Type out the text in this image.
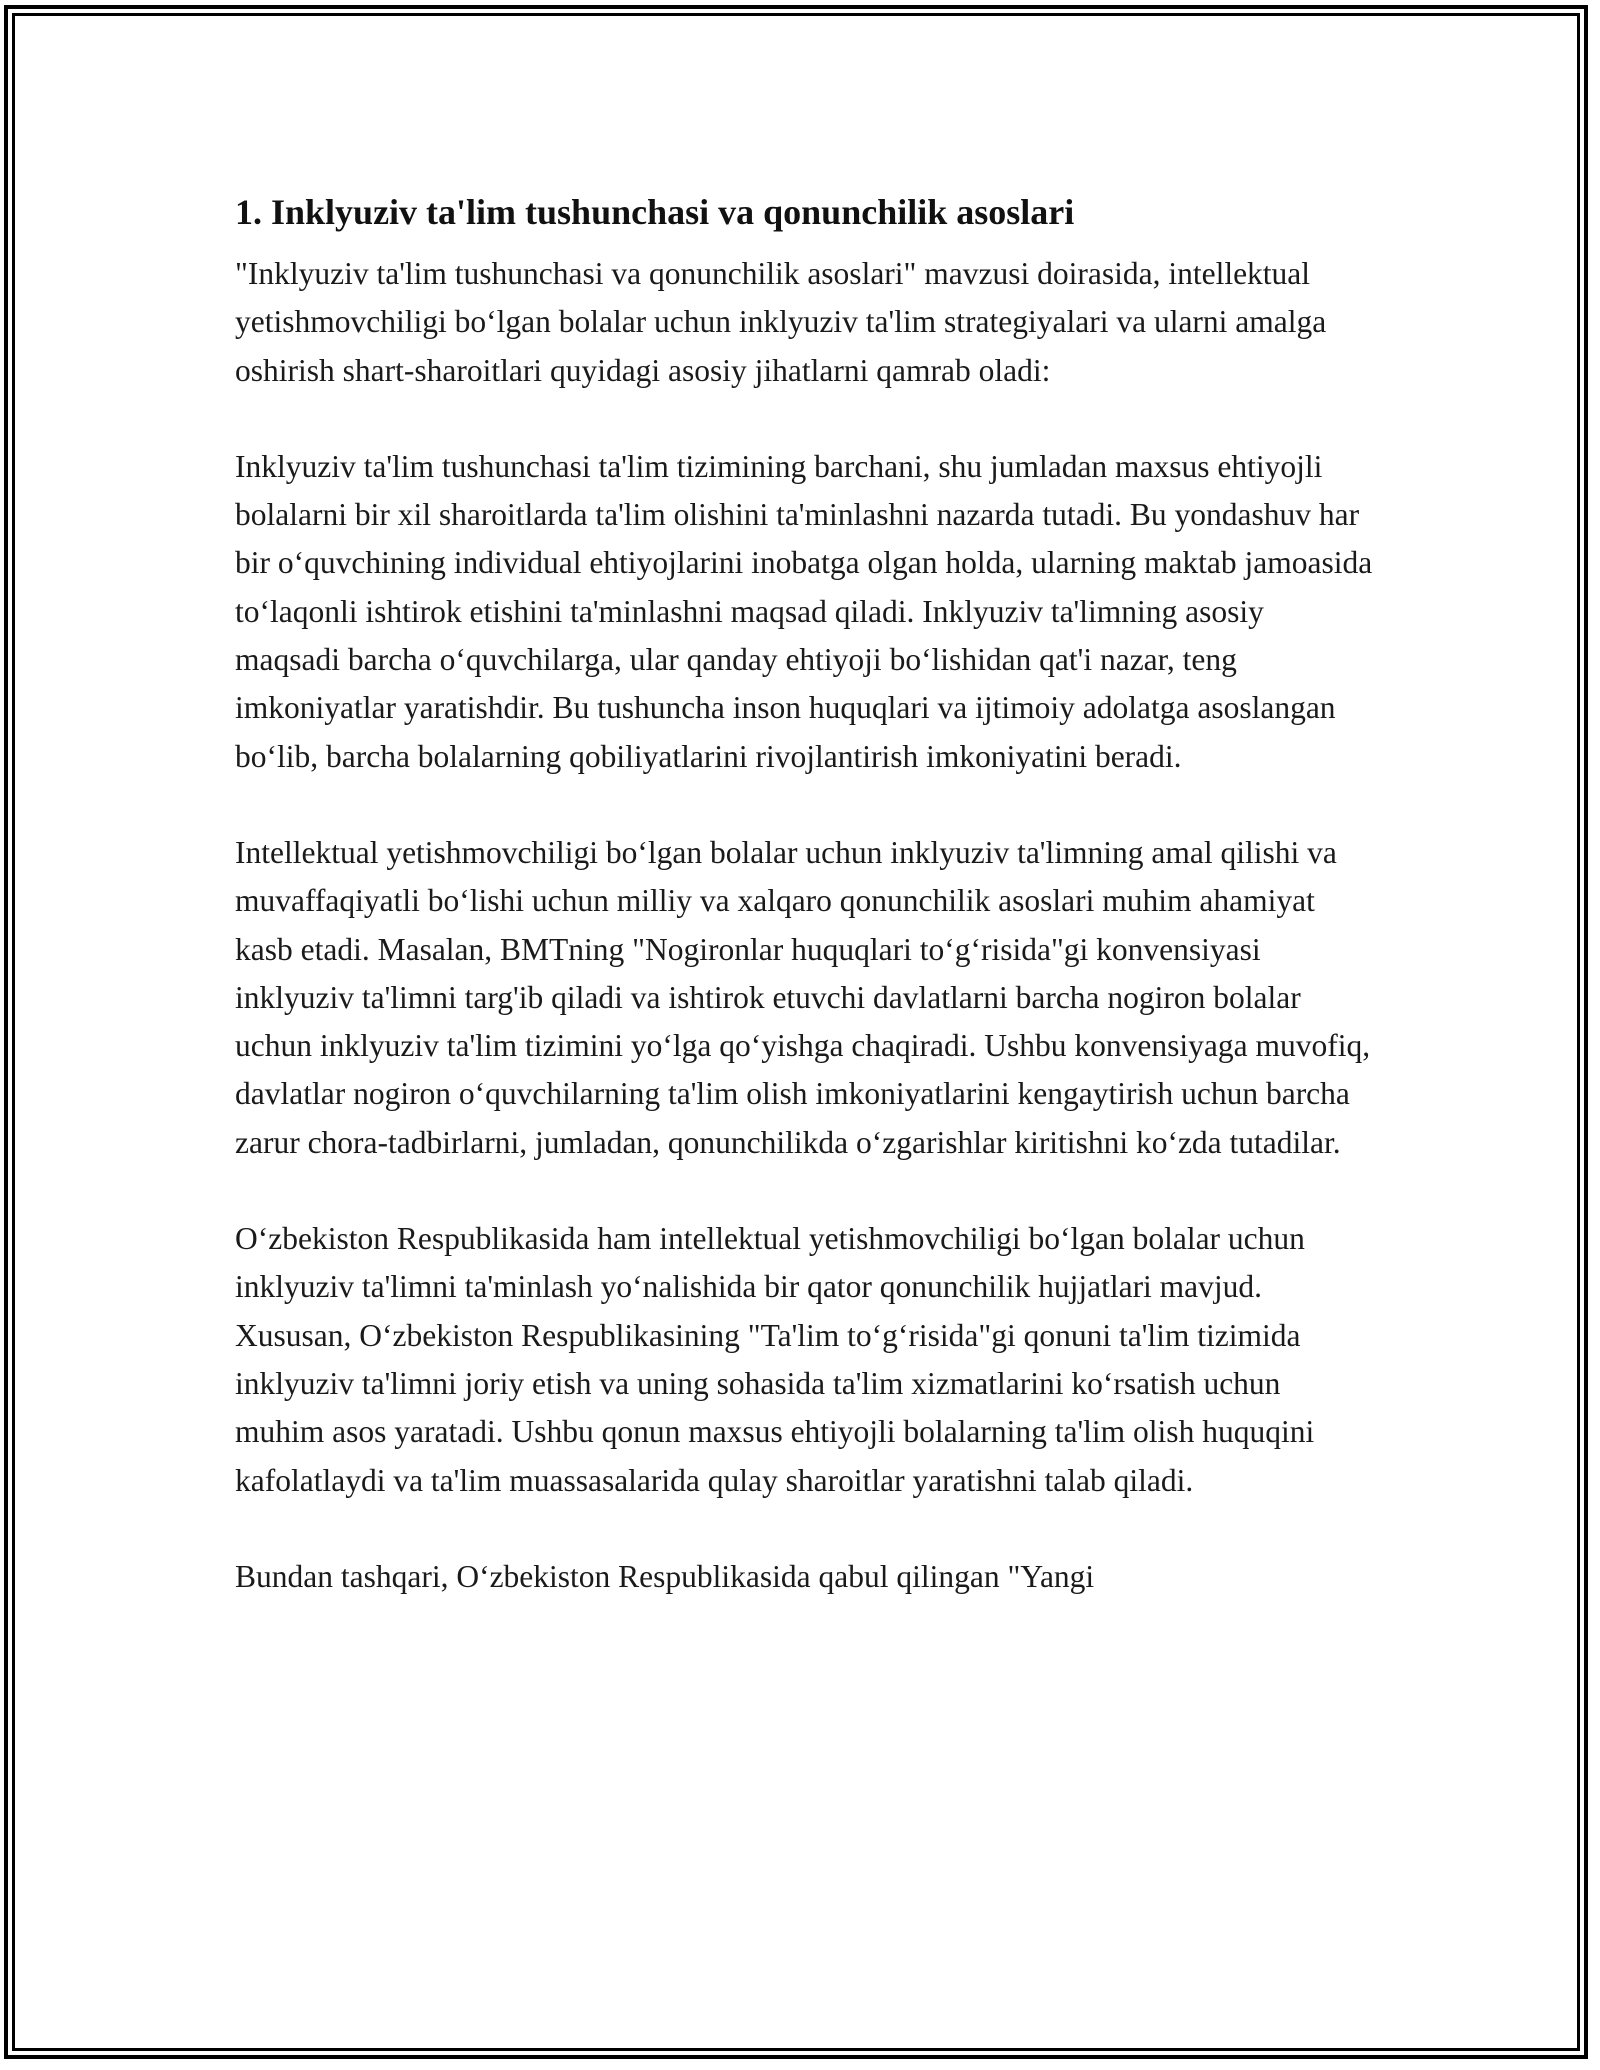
1. Inklyuziv ta'lim tushunchasi va qonunchilik asoslari

"Inklyuziv ta'lim tushunchasi va qonunchilik asoslari" mavzusi doirasida, intellektual yetishmovchiligi bo‘lgan bolalar uchun inklyuziv ta'lim strategiyalari va ularni amalga oshirish shart-sharoitlari quyidagi asosiy jihatlarni qamrab oladi:

Inklyuziv ta'lim tushunchasi ta'lim tizimining barchani, shu jumladan maxsus ehtiyojli bolalarni bir xil sharoitlarda ta'lim olishini ta'minlashni nazarda tutadi. Bu yondashuv har bir o‘quvchining individual ehtiyojlarini inobatga olgan holda, ularning maktab jamoasida to‘laqonli ishtirok etishini ta'minlashni maqsad qiladi. Inklyuziv ta'limning asosiy maqsadi barcha o‘quvchilarga, ular qanday ehtiyoji bo‘lishidan qat'i nazar, teng imkoniyatlar yaratishdir. Bu tushuncha inson huquqlari va ijtimoiy adolatga asoslangan bo‘lib, barcha bolalarning qobiliyatlarini rivojlantirish imkoniyatini beradi.

Intellektual yetishmovchiligi bo‘lgan bolalar uchun inklyuziv ta'limning amal qilishi va muvaffaqiyatli bo‘lishi uchun milliy va xalqaro qonunchilik asoslari muhim ahamiyat kasb etadi. Masalan, BMTning "Nogironlar huquqlari to‘g‘risida"gi konvensiyasi inklyuziv ta'limni targ'ib qiladi va ishtirok etuvchi davlatlarni barcha nogiron bolalar uchun inklyuziv ta'lim tizimini yo‘lga qo‘yishga chaqiradi. Ushbu konvensiyaga muvofiq, davlatlar nogiron o‘quvchilarning ta'lim olish imkoniyatlarini kengaytirish uchun barcha zarur chora-tadbirlarni, jumladan, qonunchilikda o‘zgarishlar kiritishni ko‘zda tutadilar.

O‘zbekiston Respublikasida ham intellektual yetishmovchiligi bo‘lgan bolalar uchun inklyuziv ta'limni ta'minlash yo‘nalishida bir qator qonunchilik hujjatlari mavjud. Xususan, O‘zbekiston Respublikasining "Ta'lim to‘g‘risida"gi qonuni ta'lim tizimida inklyuziv ta'limni joriy etish va uning sohasida ta'lim xizmatlarini ko‘rsatish uchun muhim asos yaratadi. Ushbu qonun maxsus ehtiyojli bolalarning ta'lim olish huquqini kafolatlaydi va ta'lim muassasalarida qulay sharoitlar yaratishni talab qiladi.

Bundan tashqari, O‘zbekiston Respublikasida qabul qilingan "Yangi
